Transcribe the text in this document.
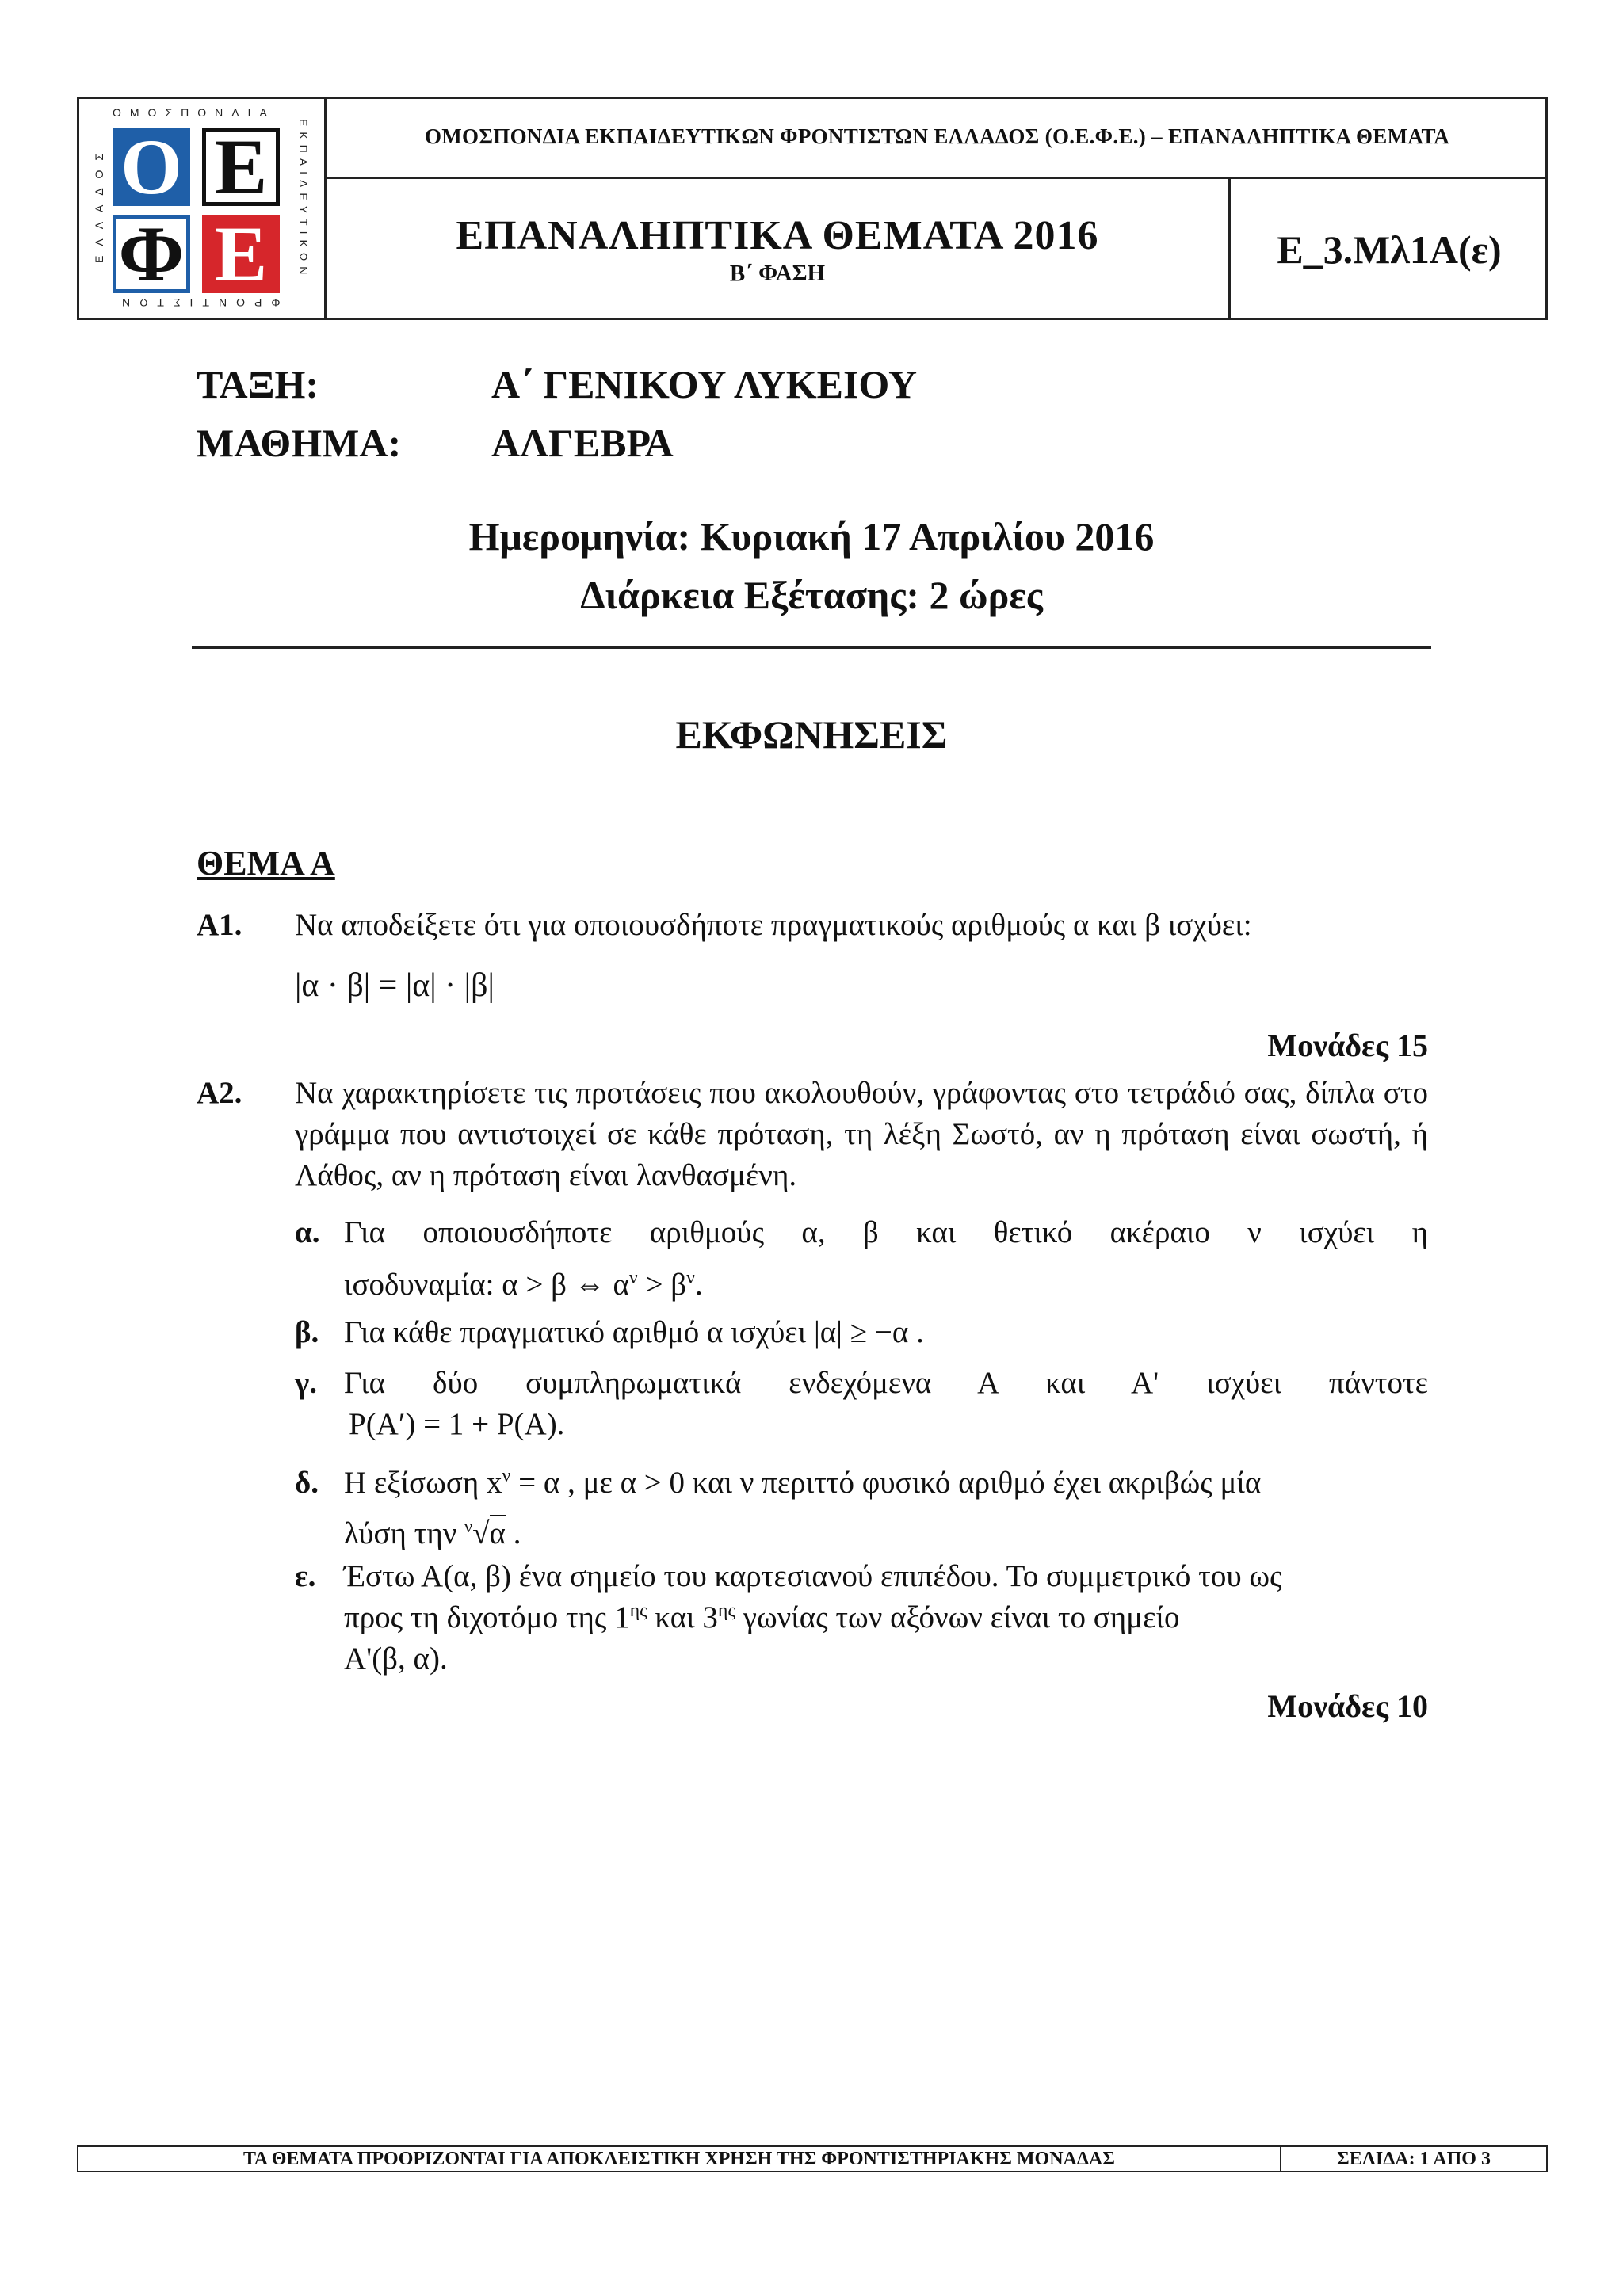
ΟΜΟΣΠΟΝΔΙΑ
ΦΡΟΝΤΙΣΤΩΝ
ΕΚΠΑΙΔΕΥΤΙΚΩΝ
ΕΛΛΑΔΟΣ Ο Ε
Φ Ε
ΟΜΟΣΠΟΝΔΙΑ ΕΚΠΑΙΔΕΥΤΙΚΩΝ ΦΡΟΝΤΙΣΤΩΝ ΕΛΛΑΔΟΣ (Ο.Ε.Φ.Ε.) – ΕΠΑΝΑΛΗΠΤΙΚΑ ΘΕΜΑΤΑ
ΕΠΑΝΑΛΗΠΤΙΚΑ ΘΕΜΑΤΑ 2016
Β΄ ΦΑΣΗ
Ε_3.Μλ1Α(ε)
ΤΑΞΗ:	Α΄ ΓΕΝΙΚΟΥ ΛΥΚΕΙΟΥ
ΜΑΘΗΜΑ: ΑΛΓΕΒΡΑ
Ημερομηνία: Κυριακή 17 Απριλίου 2016
Διάρκεια Εξέτασης: 2 ώρες
ΕΚΦΩΝΗΣΕΙΣ
ΘΕΜΑ Α
Α1. Να αποδείξετε ότι για οποιουσδήποτε πραγματικούς αριθμούς α και β ισχύει:
|α · β| = |α| · |β|
Μονάδες 15
Α2. Να χαρακτηρίσετε τις προτάσεις που ακολουθούν, γράφοντας στο τετράδιό σας, δίπλα στο γράμμα που αντιστοιχεί σε κάθε πρόταση, τη λέξη Σωστό, αν η πρόταση είναι σωστή, ή Λάθος, αν η πρόταση είναι λανθασμένη.
α. Για οποιουσδήποτε αριθμούς α, β και θετικό ακέραιο ν ισχύει η
ισοδυναμία: α > β ⇔ $\alpha^\nu > \beta^\nu$.
β. Για κάθε πραγματικό αριθμό α ισχύει |α| ≥ −α .
γ. Για δύο συμπληρωματικά ενδεχόμενα Α και Α' ισχύει πάντοτε
P(A′) = 1 + P(A).
δ. Η εξίσωση $x^\nu = \alpha$ , με α > 0 και ν περιττό φυσικό αριθμό έχει ακριβώς μία
λύση την $^\nu$√α .
ε. Έστω Α(α, β) ένα σημείο του καρτεσιανού επιπέδου. Το συμμετρικό του ως
προς τη διχοτόμο της $1^{\eta\varsigma}$ και $3^{\eta\varsigma}$ γωνίας των αξόνων είναι το σημείο
Α'(β, α).
Μονάδες 10
ΤΑ ΘΕΜΑΤΑ ΠΡΟΟΡΙΖΟΝΤΑΙ ΓΙΑ ΑΠΟΚΛΕΙΣΤΙΚΗ ΧΡΗΣΗ ΤΗΣ ΦΡΟΝΤΙΣΤΗΡΙΑΚΗΣ ΜΟΝΑΔΑΣ	ΣΕΛΙΔΑ: 1 ΑΠΟ 3
